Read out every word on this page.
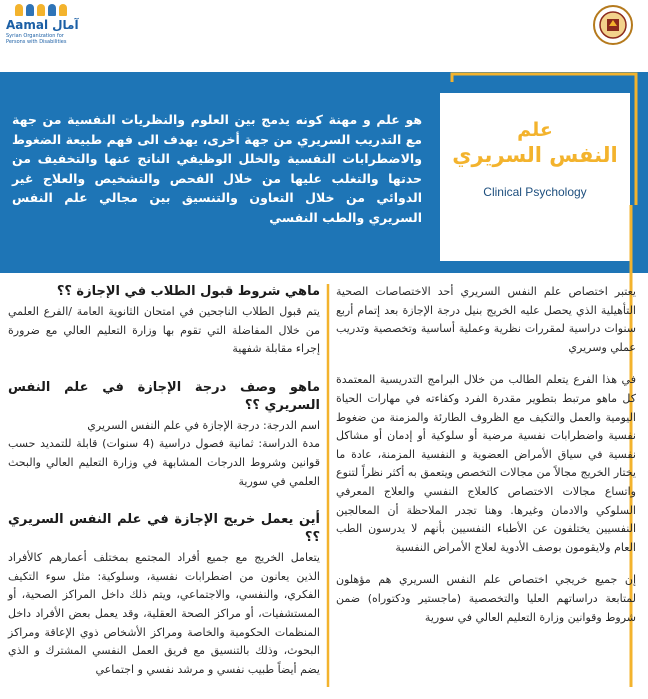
Aamal آمال
Syrian Organization for Persons with Disabilities

هو علم و مهنة كونه يدمج بين العلوم والنظريات النفسية من جهة مع التدريب السريري من جهة أخرى، يهدف الى فهم طبيعة الضغوط والاضطرابات النفسية والخلل الوظيفي الناتج عنها والتخفيف من حدتها والتغلب عليها من خلال الفحص والتشخيص والعلاج غير الدوائي من خلال التعاون والتنسيق بين مجالي علم النفس السريري والطب النفسي

علم
النفس السريري
Clinical Psychology

يعتبر اختصاص علم النفس السريري أحد الاختصاصات الصحية التأهيلية الذي يحصل عليه الخريج بنيل درجة الإجازة بعد إتمام أربع سنوات دراسية لمقررات نظرية وعملية أساسية وتخصصية وتدريب عملي وسريري

في هذا الفرع يتعلم الطالب من خلال البرامج التدريسية المعتمدة كل ماهو مرتبط بتطوير مقدرة الفرد وكفاءته في مهارات الحياة اليومية والعمل والتكيف مع الظروف الطارئة والمزمنة من ضغوط نفسية واضطرابات نفسية مرضية أو سلوكية أو إدمان أو مشاكل نفسية في سياق الأمراض العضوية و النفسية المزمنة، عادة ما يختار الخريج مجالاً من مجالات التخصص ويتعمق به أكثر نظراً لتنوع واتساع مجالات الاختصاص كالعلاج النفسي والعلاج المعرفي السلوكي والادمان وغيرها. وهنا تجدر الملاحظة أن المعالجين النفسيين يختلفون عن الأطباء النفسيين بأنهم لا يدرسون الطب العام ولايقومون بوصف الأدوية لعلاج الأمراض النفسية

إن جميع خريجي اختصاص علم النفس السريري هم مؤهلون لمتابعة دراساتهم العليا والتخصصية (ماجستير ودكتوراه) ضمن شروط وقوانين وزارة التعليم العالي في سورية

ماهي شروط قبول الطلاب في الإجازة ؟؟
يتم قبول الطلاب الناجحين في امتحان الثانوية العامة /الفرع العلمي من خلال المفاضلة التي تقوم بها وزارة التعليم العالي مع ضرورة إجراء مقابلة شفهية
ماهو وصف درجة الإجازة في علم النفس السريري ؟؟
اسم الدرجة: درجة الإجازة في علم النفس السريري
مدة الدراسة: ثمانية فصول دراسية (4 سنوات) قابلة للتمديد حسب قوانين وشروط الدرجات المشابهة في وزارة التعليم العالي والبحث العلمي في سورية
أين يعمل خريج الإجازة في علم النفس السريري ؟؟
يتعامل الخريج مع جميع أفراد المجتمع بمختلف أعمارهم كالأفراد الذين يعانون من اضطرابات نفسية، وسلوكية: مثل سوء التكيف الفكري، والنفسي، والاجتماعي، ويتم ذلك داخل المراكز الصحية، أو المستشفيات، أو مراكز الصحة العقلية، وقد يعمل بعض الأفراد داخل المنظمات الحكومية والخاصة ومراكز الأشخاص ذوي الإعاقة ومراكز البحوث، وذلك بالتنسيق مع فريق العمل النفسي المشترك و الذي يضم أيضاً طبيب نفسي و مرشد نفسي و اجتماعي
